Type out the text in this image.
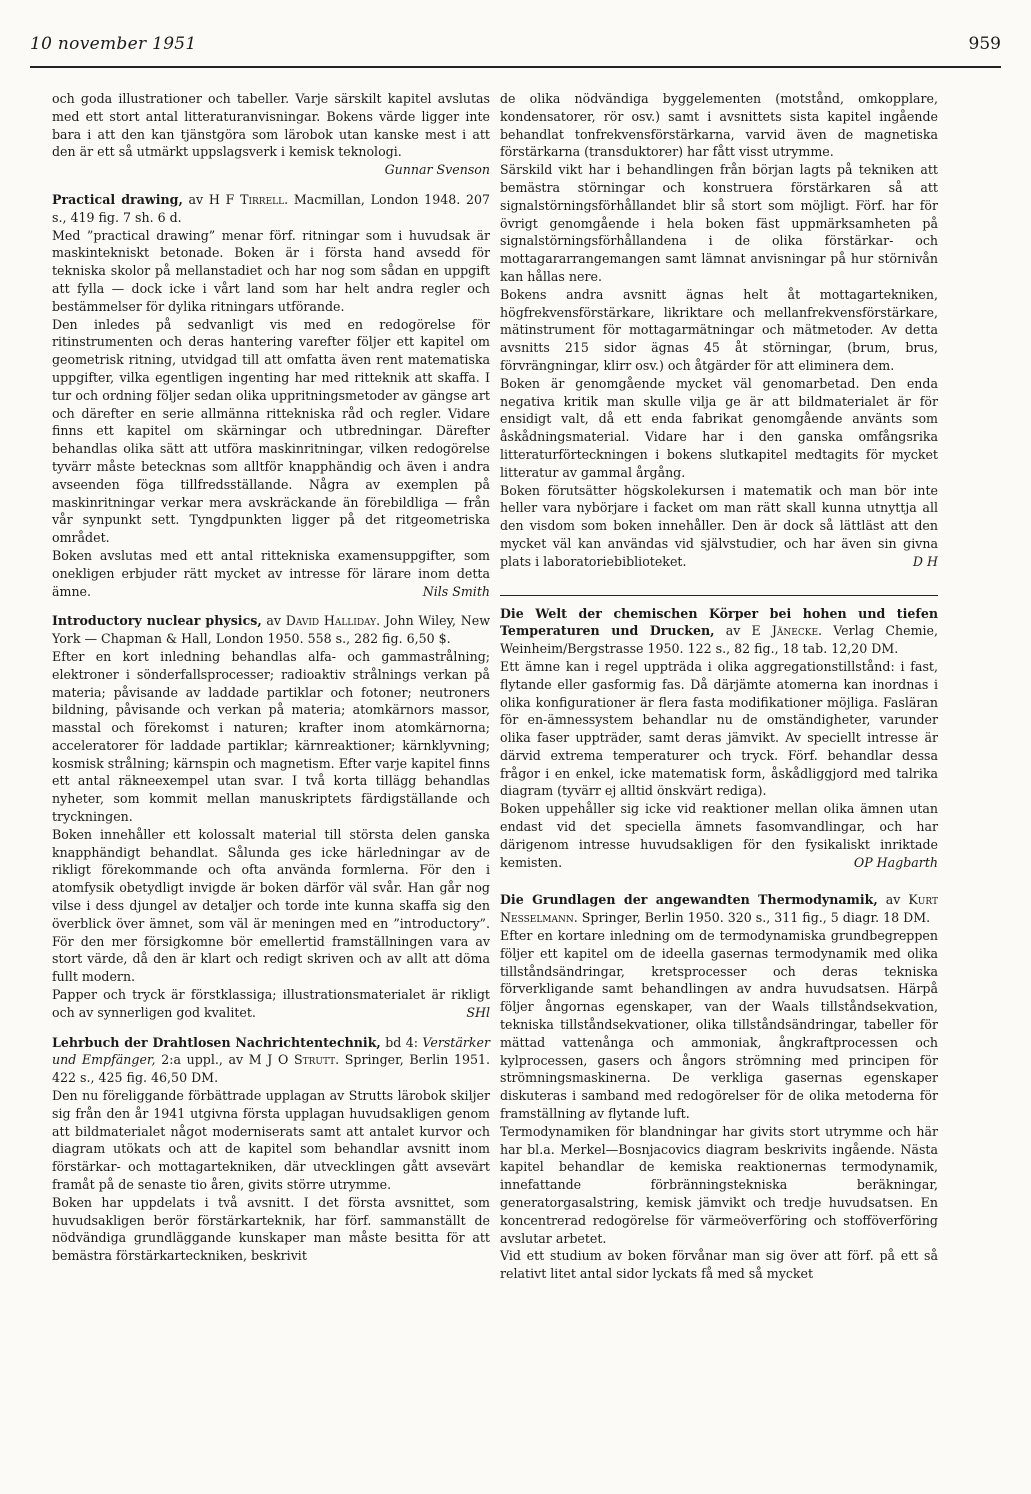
10 november 1951	959

och goda illustrationer och tabeller. Varje särskilt kapitel avslutas med ett stort antal litteraturanvisningar. Bokens värde ligger inte bara i att den kan tjänstgöra som lärobok utan kanske mest i att den är ett så utmärkt uppslagsverk i kemisk teknologi.
Gunnar Svenson

Practical drawing, av H F Tirrell. Macmillan, London 1948. 207 s., 419 fig. 7 sh. 6 d.

Med ”practical drawing” menar förf. ritningar som i huvudsak är maskintekniskt betonade. Boken är i första hand avsedd för tekniska skolor på mellanstadiet och har nog som sådan en uppgift att fylla — dock icke i vårt land som har helt andra regler och bestämmelser för dylika ritningars utförande.

Den inledes på sedvanligt vis med en redogörelse för ritinstrumenten och deras hantering varefter följer ett kapitel om geometrisk ritning, utvidgad till att omfatta även rent matematiska uppgifter, vilka egentligen ingenting har med ritteknik att skaffa. I tur och ordning följer sedan olika uppritningsmetoder av gängse art och därefter en serie allmänna rittekniska råd och regler. Vidare finns ett kapitel om skärningar och utbredningar. Därefter behandlas olika sätt att utföra maskinritningar, vilken redogörelse tyvärr måste betecknas som alltför knapphändig och även i andra avseenden föga tillfredsställande. Några av exemplen på maskinritningar verkar mera avskräckande än förebildliga — från vår synpunkt sett. Tyngdpunkten ligger på det ritgeometriska området.

Boken avslutas med ett antal rittekniska examensuppgifter, som onekligen erbjuder rätt mycket av intresse för lärare inom detta ämne.	Nils Smith

Introductory nuclear physics, av David Halliday. John Wiley, New York — Chapman & Hall, London 1950. 558 s., 282 fig. 6,50 $.

Efter en kort inledning behandlas alfa- och gammastrålning; elektroner i sönderfallsprocesser; radioaktiv strålnings verkan på materia; påvisande av laddade partiklar och fotoner; neutroners bildning, påvisande och verkan på materia; atomkärnors massor, masstal och förekomst i naturen; krafter inom atomkärnorna; acceleratorer för laddade partiklar; kärnreaktioner; kärnklyvning; kosmisk strålning; kärnspin och magnetism. Efter varje kapitel finns ett antal räkneexempel utan svar. I två korta tillägg behandlas nyheter, som kommit mellan manuskriptets färdigställande och tryckningen.

Boken innehåller ett kolossalt material till största delen ganska knapphändigt behandlat. Sålunda ges icke härledningar av de rikligt förekommande och ofta använda formlerna. För den i atomfysik obetydligt invigde är boken därför väl svår. Han går nog vilse i dess djungel av detaljer och torde inte kunna skaffa sig den överblick över ämnet, som väl är meningen med en ”introductory”. För den mer försigkomne bör emellertid framställningen vara av stort värde, då den är klart och redigt skriven och av allt att döma fullt modern.

Papper och tryck är förstklassiga; illustrationsmaterialet är rikligt och av synnerligen god kvalitet.	SHl

Lehrbuch der Drahtlosen Nachrichtentechnik, bd 4: Verstärker und Empfänger, 2:a uppl., av M J O Strutt. Springer, Berlin 1951. 422 s., 425 fig. 46,50 DM.

Den nu föreliggande förbättrade upplagan av Strutts lärobok skiljer sig från den år 1941 utgivna första upplagan huvudsakligen genom att bildmaterialet något moderniserats samt att antalet kurvor och diagram utökats och att de kapitel som behandlar avsnitt inom förstärkar- och mottagartekniken, där utvecklingen gått avsevärt framåt på de senaste tio åren, givits större utrymme.

Boken har uppdelats i två avsnitt. I det första avsnittet, som huvudsakligen berör förstärkarteknik, har förf. sammanställt de nödvändiga grundläggande kunskaper man måste besitta för att bemästra förstärkarteckniken, beskrivit

de olika nödvändiga byggelementen (motstånd, omkopplare, kondensatorer, rör osv.) samt i avsnittets sista kapitel ingående behandlat tonfrekvensförstärkarna, varvid även de magnetiska förstärkarna (transduktorer) har fått visst utrymme.

Särskild vikt har i behandlingen från början lagts på tekniken att bemästra störningar och konstruera förstärkaren så att signalstörningsförhållandet blir så stort som möjligt. Förf. har för övrigt genomgående i hela boken fäst uppmärksamheten på signalstörningsförhållandena i de olika förstärkar- och mottagararrangemangen samt lämnat anvisningar på hur störnivån kan hållas nere.

Bokens andra avsnitt ägnas helt åt mottagartekniken, högfrekvensförstärkare, likriktare och mellanfrekvensförstärkare, mätinstrument för mottagarmätningar och mätmetoder. Av detta avsnitts 215 sidor ägnas 45 åt störningar, (brum, brus, förvrängningar, klirr osv.) och åtgärder för att eliminera dem.

Boken är genomgående mycket väl genomarbetad. Den enda negativa kritik man skulle vilja ge är att bildmaterialet är för ensidigt valt, då ett enda fabrikat genomgående använts som åskådningsmaterial. Vidare har i den ganska omfångsrika litteraturförteckningen i bokens slutkapitel medtagits för mycket litteratur av gammal årgång.

Boken förutsätter högskolekursen i matematik och man bör inte heller vara nybörjare i facket om man rätt skall kunna utnyttja all den visdom som boken innehåller. Den är dock så lättläst att den mycket väl kan användas vid självstudier, och har även sin givna plats i laboratoriebiblioteket.	D H

Die Welt der chemischen Körper bei hohen und tiefen Temperaturen und Drucken, av E Jänecke. Verlag Chemie, Weinheim/Bergstrasse 1950. 122 s., 82 fig., 18 tab. 12,20 DM.

Ett ämne kan i regel uppträda i olika aggregationstillstånd: i fast, flytande eller gasformig fas. Då därjämte atomerna kan inordnas i olika konfigurationer är flera fasta modifikationer möjliga. Fasläran för en-ämnessystem behandlar nu de omständigheter, varunder olika faser uppträder, samt deras jämvikt. Av speciellt intresse är därvid extrema temperaturer och tryck. Förf. behandlar dessa frågor i en enkel, icke matematisk form, åskådliggjord med talrika diagram (tyvärr ej alltid önskvärt rediga).

Boken uppehåller sig icke vid reaktioner mellan olika ämnen utan endast vid det speciella ämnets fasomvandlingar, och har därigenom intresse huvudsakligen för den fysikaliskt inriktade kemisten.	OP Hagbarth

Die Grundlagen der angewandten Thermodynamik, av Kurt Nesselmann. Springer, Berlin 1950. 320 s., 311 fig., 5 diagr. 18 DM.

Efter en kortare inledning om de termodynamiska grundbegreppen följer ett kapitel om de ideella gasernas termodynamik med olika tillståndsändringar, kretsprocesser och deras tekniska förverkligande samt behandlingen av andra huvudsatsen. Härpå följer ångornas egenskaper, van der Waals tillståndsekvation, tekniska tillståndsekvationer, olika tillståndsändringar, tabeller för mättad vattenånga och ammoniak, ångkraftprocessen och kylprocessen, gasers och ångors strömning med principen för strömningsmaskinerna. De verkliga gasernas egenskaper diskuteras i samband med redogörelser för de olika metoderna för framställning av flytande luft.

Termodynamiken för blandningar har givits stort utrymme och här har bl.a. Merkel—Bosnjacovics diagram beskrivits ingående. Nästa kapitel behandlar de kemiska reaktionernas termodynamik, innefattande förbränningstekniska beräkningar, generatorgasalstring, kemisk jämvikt och tredje huvudsatsen. En koncentrerad redogörelse för värmeöverföring och stofföverföring avslutar arbetet.

Vid ett studium av boken förvånar man sig över att förf. på ett så relativt litet antal sidor lyckats få med så mycket
